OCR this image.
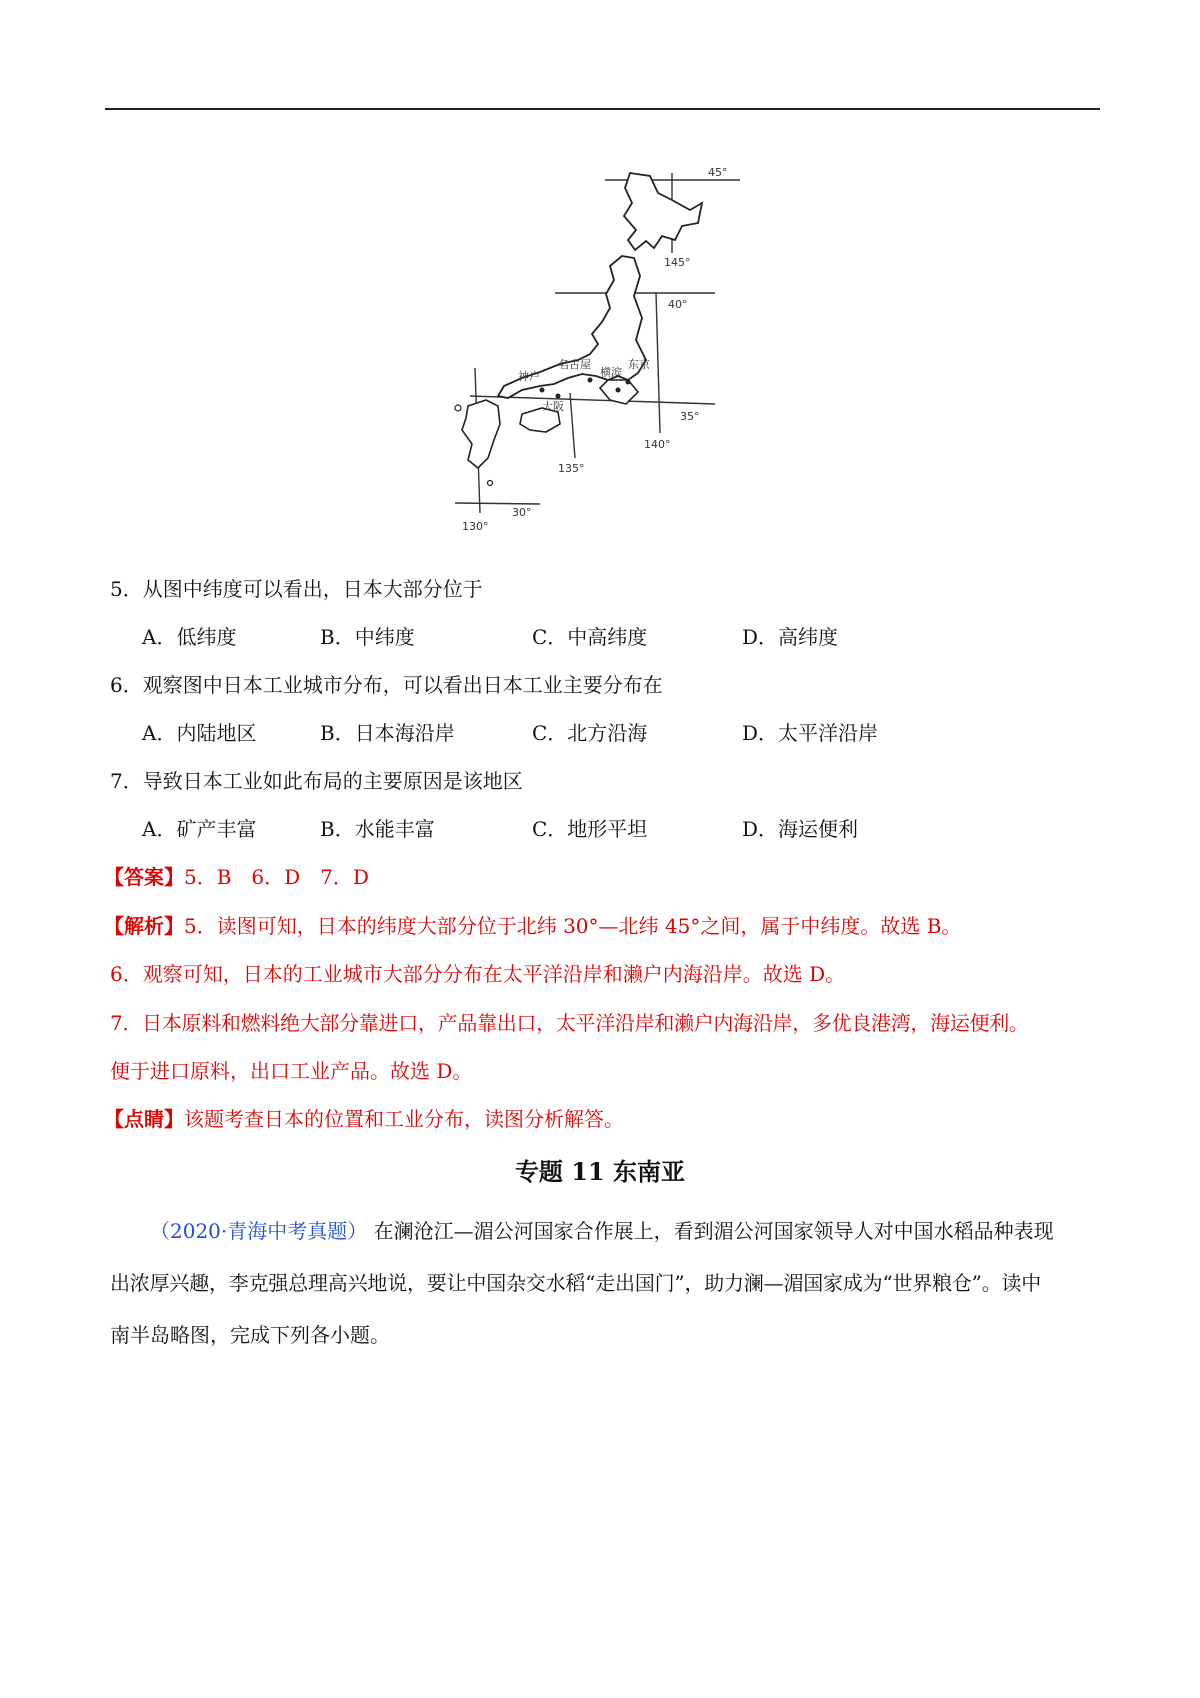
名古屋
横滨
东京
神户
大阪
45°
40°
35°
30°
145°
140°
135°
130°
5．从图中纬度可以看出，日本大部分位于
A．低纬度	B．中纬度	C．中高纬度	D．高纬度
6．观察图中日本工业城市分布，可以看出日本工业主要分布在
A．内陆地区	B．日本海沿岸	C．北方沿海	D．太平洋沿岸
7．导致日本工业如此布局的主要原因是该地区
A．矿产丰富	B．水能丰富	C．地形平坦	D．海运便利
【答案】5．B　6．D　7．D
【解析】5．读图可知，日本的纬度大部分位于北纬 30°—北纬 45°之间，属于中纬度。故选 B。
6．观察可知，日本的工业城市大部分分布在太平洋沿岸和濑户内海沿岸。故选 D。
7．日本原料和燃料绝大部分靠进口，产品靠出口，太平洋沿岸和濑户内海沿岸，多优良港湾，海运便利。
便于进口原料，出口工业产品。故选 D。
【点睛】该题考查日本的位置和工业分布，读图分析解答。
专题 11 东南亚
（2020·青海中考真题） 在澜沧江—湄公河国家合作展上，看到湄公河国家领导人对中国水稻品种表现
出浓厚兴趣，李克强总理高兴地说，要让中国杂交水稻“走出国门”，助力澜—湄国家成为“世界粮仓”。读中
南半岛略图，完成下列各小题。
